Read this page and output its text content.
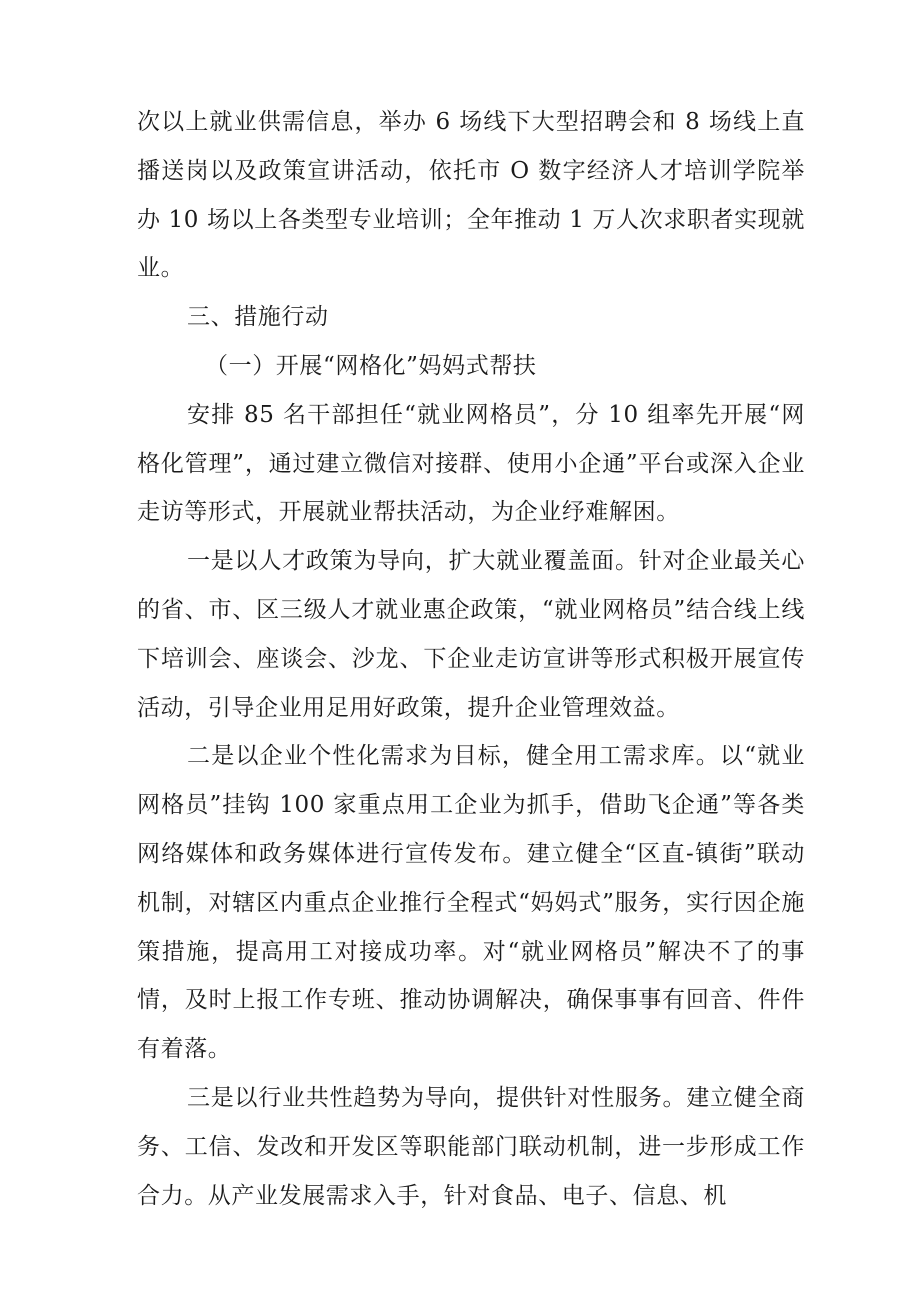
次以上就业供需信息，举办 6 场线下大型招聘会和 8 场线上直播送岗以及政策宣讲活动，依托市 O 数字经济人才培训学院举办 10 场以上各类型专业培训；全年推动 1 万人次求职者实现就业。

三、措施行动

（一）开展“网格化”妈妈式帮扶

安排 85 名干部担任“就业网格员”，分 10 组率先开展“网格化管理”，通过建立微信对接群、使用小企通”平台或深入企业走访等形式，开展就业帮扶活动，为企业纾难解困。

一是以人才政策为导向，扩大就业覆盖面。针对企业最关心的省、市、区三级人才就业惠企政策，“就业网格员”结合线上线下培训会、座谈会、沙龙、下企业走访宣讲等形式积极开展宣传活动，引导企业用足用好政策，提升企业管理效益。

二是以企业个性化需求为目标，健全用工需求库。以“就业网格员”挂钩 100 家重点用工企业为抓手，借助飞企通”等各类网络媒体和政务媒体进行宣传发布。建立健全“区直-镇街”联动机制，对辖区内重点企业推行全程式“妈妈式”服务，实行因企施策措施，提高用工对接成功率。对“就业网格员”解决不了的事情，及时上报工作专班、推动协调解决，确保事事有回音、件件有着落。

三是以行业共性趋势为导向，提供针对性服务。建立健全商务、工信、发改和开发区等职能部门联动机制，进一步形成工作合力。从产业发展需求入手，针对食品、电子、信息、机
